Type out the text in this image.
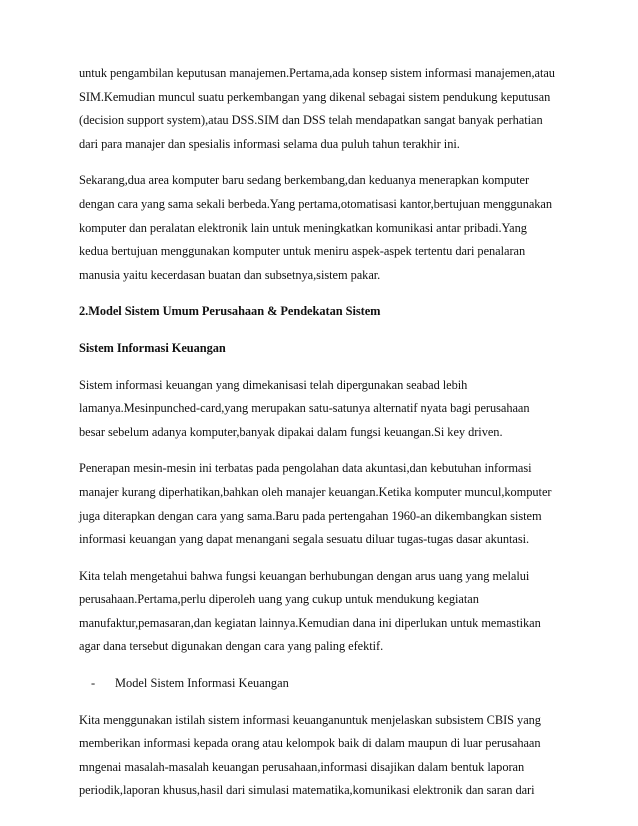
untuk pengambilan keputusan manajemen.Pertama,ada konsep sistem informasi manajemen,atau
SIM.Kemudian muncul suatu perkembangan yang dikenal sebagai sistem pendukung keputusan
(decision support system),atau DSS.SIM dan DSS telah mendapatkan sangat banyak perhatian
dari para manajer dan spesialis informasi selama dua puluh tahun terakhir ini.
Sekarang,dua area komputer baru sedang berkembang,dan keduanya menerapkan komputer
dengan cara yang sama sekali berbeda.Yang pertama,otomatisasi kantor,bertujuan menggunakan
komputer dan peralatan elektronik lain untuk meningkatkan komunikasi antar pribadi.Yang
kedua bertujuan menggunakan komputer untuk meniru aspek-aspek tertentu dari penalaran
manusia yaitu kecerdasan buatan dan subsetnya,sistem pakar.
2.Model Sistem Umum Perusahaan & Pendekatan Sistem
Sistem Informasi Keuangan
Sistem informasi keuangan yang dimekanisasi telah dipergunakan seabad lebih
lamanya.Mesinpunched-card,yang merupakan satu-satunya alternatif nyata bagi perusahaan
besar sebelum adanya komputer,banyak dipakai dalam fungsi keuangan.Si key driven.
Penerapan mesin-mesin ini terbatas pada pengolahan data akuntasi,dan kebutuhan informasi
manajer kurang diperhatikan,bahkan oleh manajer keuangan.Ketika komputer muncul,komputer
juga diterapkan dengan cara yang sama.Baru pada pertengahan 1960-an dikembangkan sistem
informasi keuangan yang dapat menangani segala sesuatu diluar tugas-tugas dasar akuntasi.
Kita telah mengetahui bahwa fungsi keuangan berhubungan dengan arus uang yang melalui
perusahaan.Pertama,perlu diperoleh uang yang cukup untuk mendukung kegiatan
manufaktur,pemasaran,dan kegiatan lainnya.Kemudian dana ini diperlukan untuk memastikan
agar dana tersebut digunakan dengan cara yang paling efektif.
-	Model Sistem Informasi Keuangan
Kita menggunakan istilah sistem informasi keuanganuntuk menjelaskan subsistem CBIS yang
memberikan informasi kepada orang atau kelompok baik di dalam maupun di luar perusahaan
mngenai masalah-masalah keuangan perusahaan,informasi disajikan dalam bentuk laporan
periodik,laporan khusus,hasil dari simulasi matematika,komunikasi elektronik dan saran dari
